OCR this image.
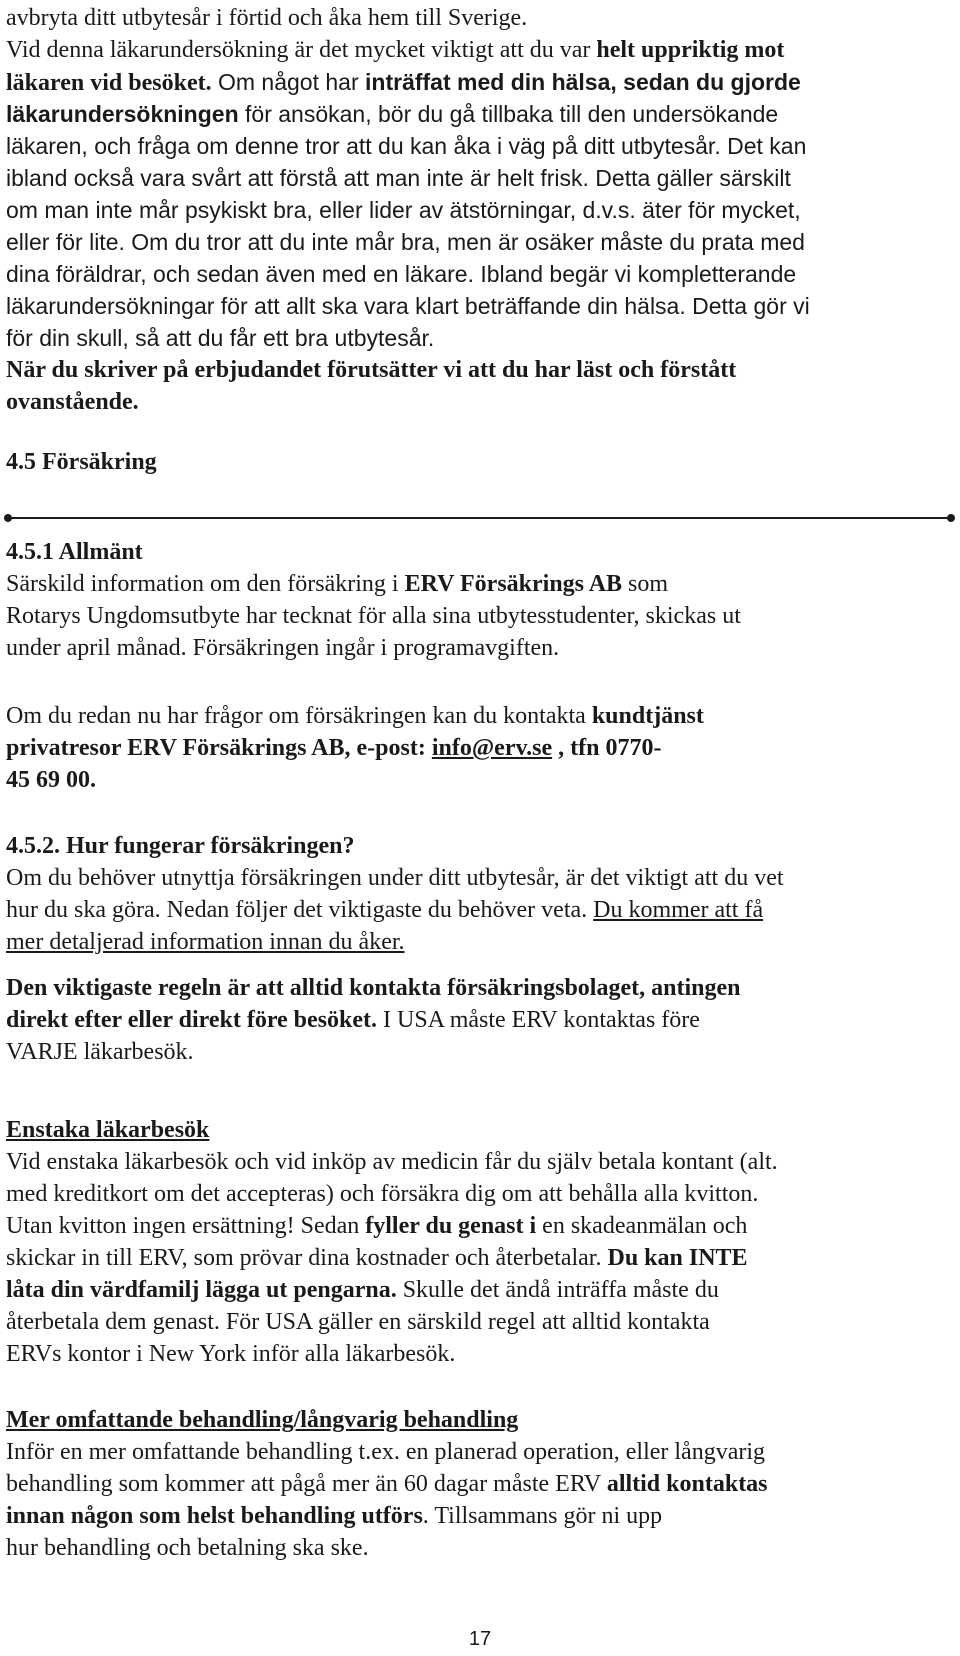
avbryta ditt utbytesår i förtid och åka hem till Sverige.
Vid denna läkarundersökning är det mycket viktigt att du var helt uppriktig mot
läkaren vid besöket. Om något har inträffat med din hälsa, sedan du gjorde
läkarundersökningen för ansökan, bör du gå tillbaka till den undersökande
läkaren, och fråga om denne tror att du kan åka i väg på ditt utbytesår. Det kan
ibland också vara svårt att förstå att man inte är helt frisk. Detta gäller särskilt
om man inte mår psykiskt bra, eller lider av ätstörningar, d.v.s. äter för mycket,
eller för lite. Om du tror att du inte mår bra, men är osäker måste du prata med
dina föräldrar, och sedan även med en läkare. Ibland begär vi kompletterande
läkarundersökningar för att allt ska vara klart beträffande din hälsa. Detta gör vi
för din skull, så att du får ett bra utbytesår.
När du skriver på erbjudandet förutsätter vi att du har läst och förstått
ovanstående.
4.5 Försäkring
4.5.1 Allmänt
Särskild information om den försäkring i ERV Försäkrings AB som
Rotarys Ungdomsutbyte har tecknat för alla sina utbytesstudenter, skickas ut
under april månad. Försäkringen ingår i programavgiften.
Om du redan nu har frågor om försäkringen kan du kontakta kundtjänst
privatresor ERV Försäkrings AB, e-post: info@erv.se , tfn 0770-
45 69 00.
4.5.2. Hur fungerar försäkringen?
Om du behöver utnyttja försäkringen under ditt utbytesår, är det viktigt att du vet
hur du ska göra. Nedan följer det viktigaste du behöver veta. Du kommer att få
mer detaljerad information innan du åker.
Den viktigaste regeln är att alltid kontakta försäkringsbolaget, antingen
direkt efter eller direkt före besöket. I USA måste ERV kontaktas före
VARJE läkarbesök.
Enstaka läkarbesök
Vid enstaka läkarbesök och vid inköp av medicin får du själv betala kontant (alt.
med kreditkort om det accepteras) och försäkra dig om att behålla alla kvitton.
Utan kvitton ingen ersättning! Sedan fyller du genast i en skadeanmälan och
skickar in till ERV, som prövar dina kostnader och återbetalar. Du kan INTE
låta din värdfamilj lägga ut pengarna. Skulle det ändå inträffa måste du
återbetala dem genast. För USA gäller en särskild regel att alltid kontakta
ERVs kontor i New York inför alla läkarbesök.
Mer omfattande behandling/långvarig behandling
Inför en mer omfattande behandling t.ex. en planerad operation, eller långvarig
behandling som kommer att pågå mer än 60 dagar måste ERV alltid kontaktas
innan någon som helst behandling utförs. Tillsammans gör ni upp
hur behandling och betalning ska ske.
17
